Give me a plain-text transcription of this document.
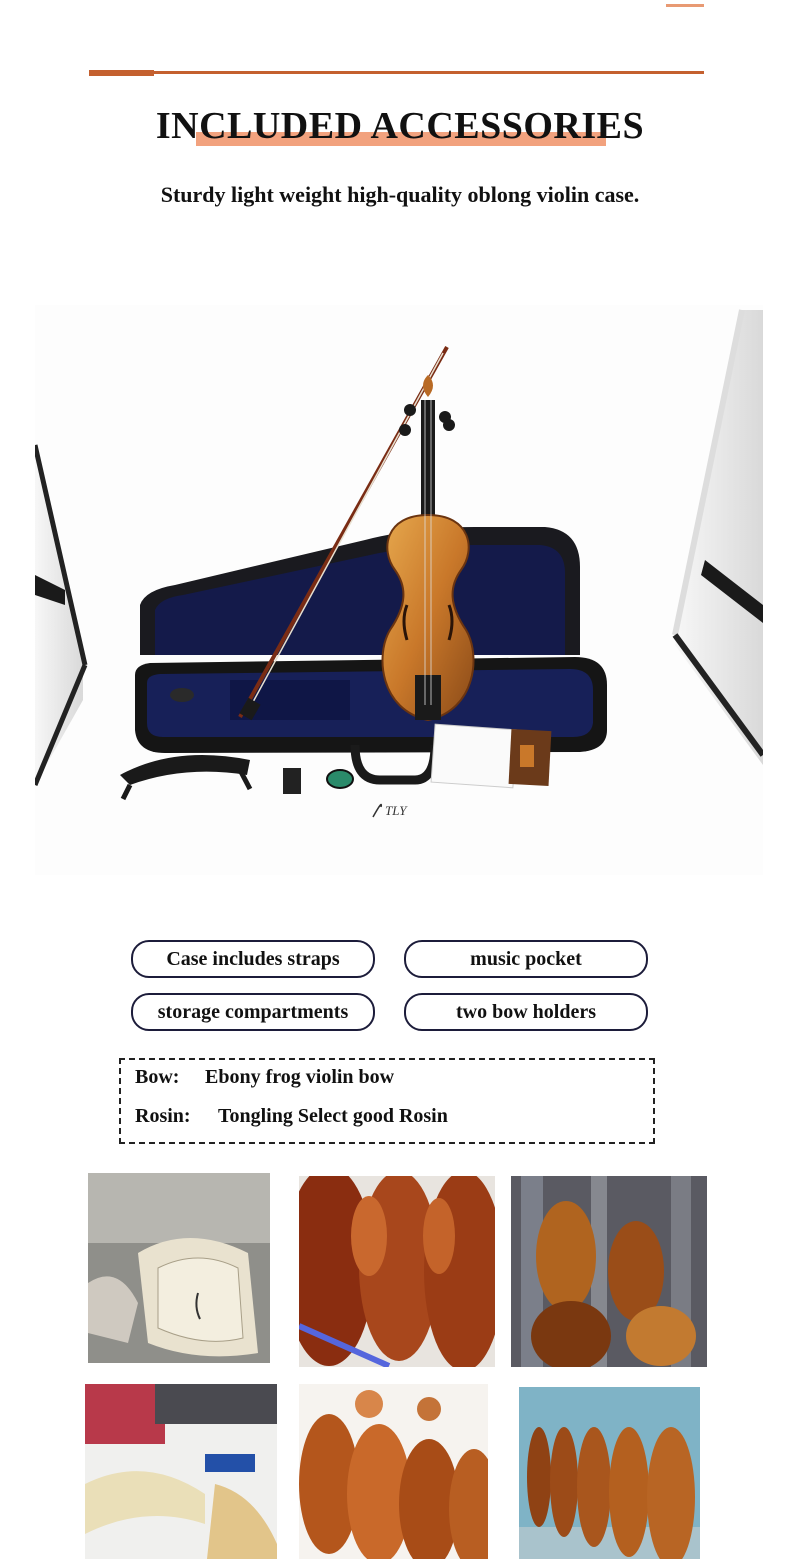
INCLUDED ACCESSORIES
Sturdy light weight high-quality oblong violin case.
TLY
Case includes straps	music pocket
storage compartments	two bow holders
Bow: Ebony frog violin bow
Rosin: Tongling Select good Rosin
